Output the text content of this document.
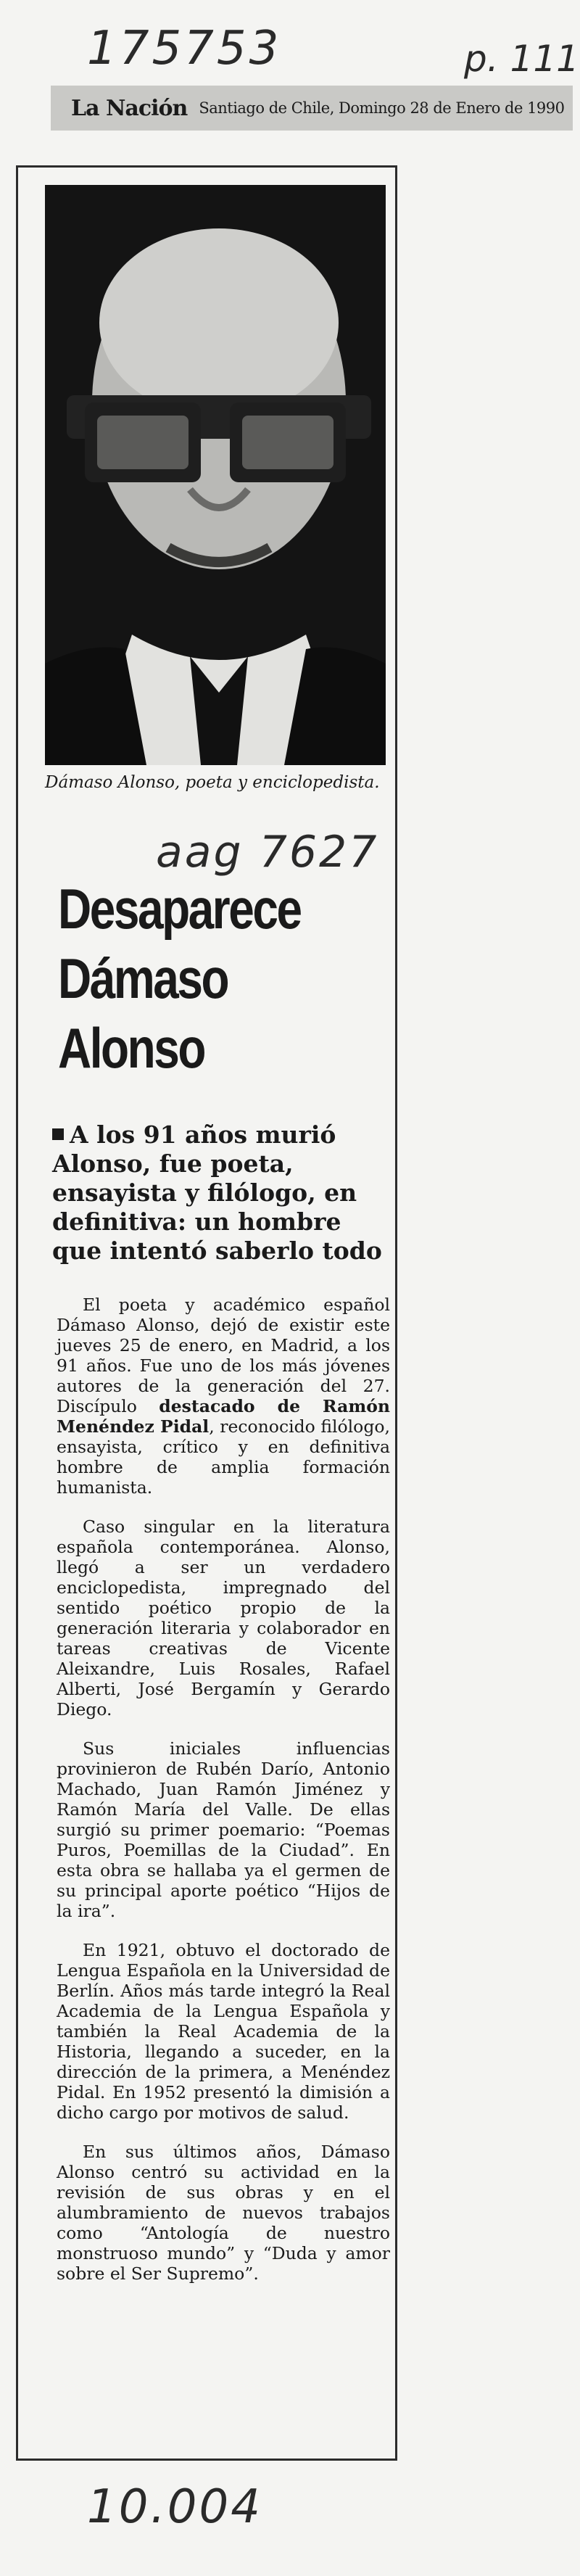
175753	p. 111
La Nación Santiago de Chile, Domingo 28 de Enero de 1990
Dámaso Alonso, poeta y enciclopedista.
aag 7627
Desaparece
Dámaso
Alonso
A los 91 años murió Alonso, fue poeta, ensayista y filólogo, en definitiva: un hombre que intentó saberlo todo

El poeta y académico español Dámaso Alonso, dejó de existir este jueves 25 de enero, en Madrid, a los 91 años. Fue uno de los más jóvenes autores de la generación del 27. Discípulo destacado de Ramón Menéndez Pidal, reconocido filólogo, ensayista, crítico y en definitiva hombre de amplia formación humanista.

Caso singular en la literatura española contemporánea. Alonso, llegó a ser un verdadero enciclopedista, impregnado del sentido poético propio de la generación literaria y colaborador en tareas creativas de Vicente Aleixandre, Luis Rosales, Rafael Alberti, José Bergamín y Gerardo Diego.

Sus iniciales influencias provinieron de Rubén Darío, Antonio Machado, Juan Ramón Jiménez y Ramón María del Valle. De ellas surgió su primer poemario: “Poemas Puros, Poemillas de la Ciudad”. En esta obra se hallaba ya el germen de su principal aporte poético “Hijos de la ira”.

En 1921, obtuvo el doctorado de Lengua Española en la Universidad de Berlín. Años más tarde integró la Real Academia de la Lengua Española y también la Real Academia de la Historia, llegando a suceder, en la dirección de la primera, a Menéndez Pidal. En 1952 presentó la dimisión a dicho cargo por motivos de salud.

En sus últimos años, Dámaso Alonso centró su actividad en la revisión de sus obras y en el alumbramiento de nuevos trabajos como “Antología de nuestro monstruoso mundo” y “Duda y amor sobre el Ser Supremo”.

10.004
